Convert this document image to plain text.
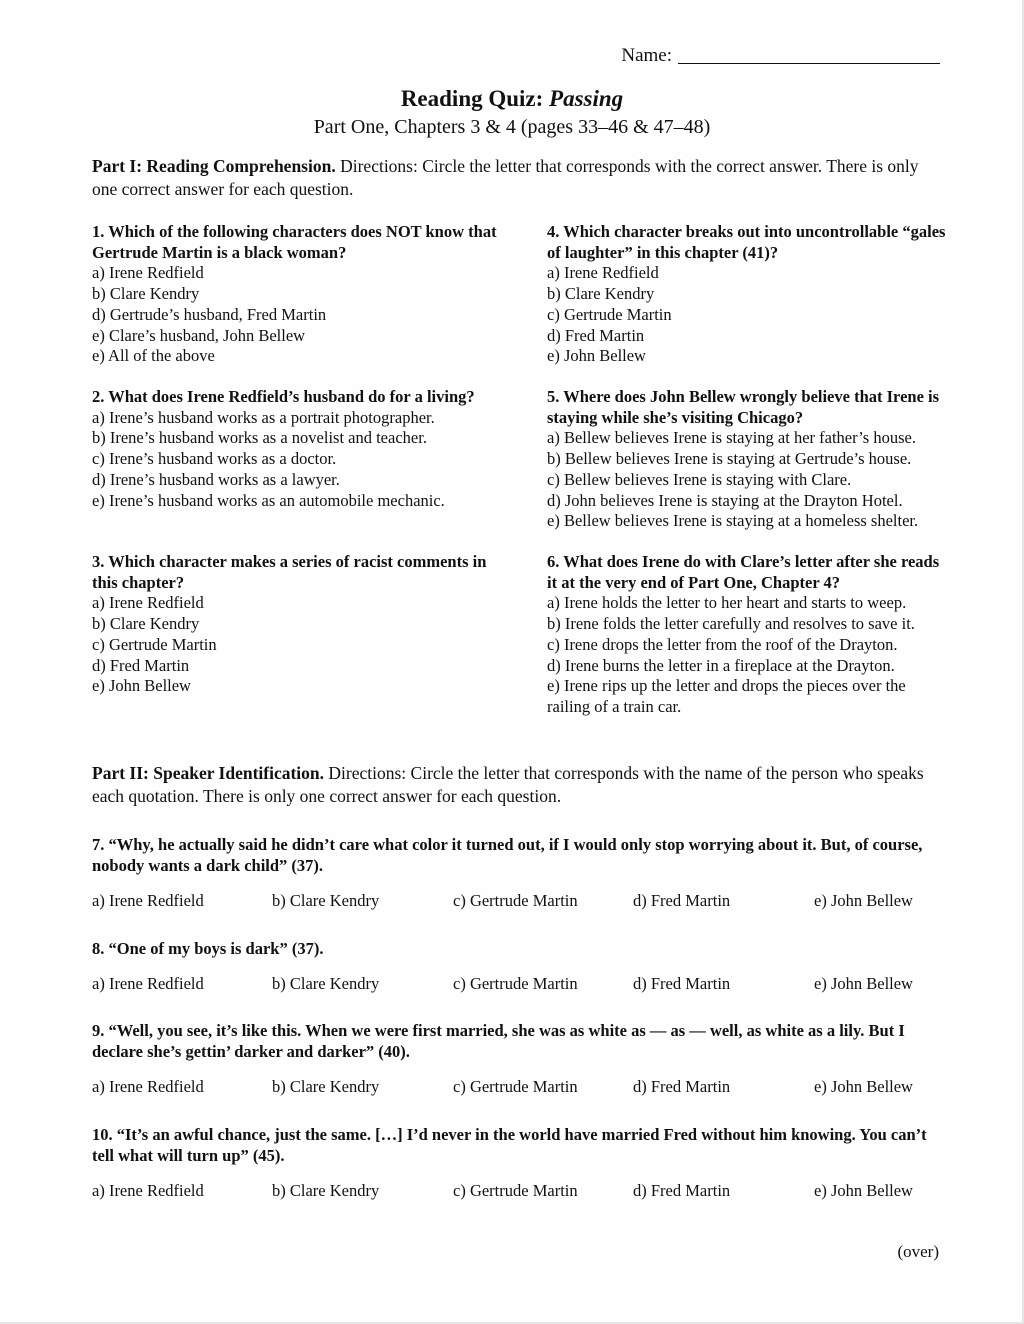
Name:
Reading Quiz: Passing
Part One, Chapters 3 & 4 (pages 33–46 & 47–48)
Part I: Reading Comprehension. Directions: Circle the letter that corresponds with the correct answer. There is only one correct answer for each question.
1. Which of the following characters does NOT know that Gertrude Martin is a black woman?
a) Irene Redfield
b) Clare Kendry
d) Gertrude’s husband, Fred Martin
e) Clare’s husband, John Bellew
e) All of the above
2. What does Irene Redfield’s husband do for a living?
a) Irene’s husband works as a portrait photographer.
b) Irene’s husband works as a novelist and teacher.
c) Irene’s husband works as a doctor.
d) Irene’s husband works as a lawyer.
e) Irene’s husband works as an automobile mechanic.
3. Which character makes a series of racist comments in this chapter?
a) Irene Redfield
b) Clare Kendry
c) Gertrude Martin
d) Fred Martin
e) John Bellew
4. Which character breaks out into uncontrollable “gales of laughter” in this chapter (41)?
a) Irene Redfield
b) Clare Kendry
c) Gertrude Martin
d) Fred Martin
e) John Bellew
5. Where does John Bellew wrongly believe that Irene is staying while she’s visiting Chicago?
a) Bellew believes Irene is staying at her father’s house.
b) Bellew believes Irene is staying at Gertrude’s house.
c) Bellew believes Irene is staying with Clare.
d) John believes Irene is staying at the Drayton Hotel.
e) Bellew believes Irene is staying at a homeless shelter.
6. What does Irene do with Clare’s letter after she reads it at the very end of Part One, Chapter 4?
a) Irene holds the letter to her heart and starts to weep.
b) Irene folds the letter carefully and resolves to save it.
c) Irene drops the letter from the roof of the Drayton.
d) Irene burns the letter in a fireplace at the Drayton.
e) Irene rips up the letter and drops the pieces over the railing of a train car.
Part II: Speaker Identification. Directions: Circle the letter that corresponds with the name of the person who speaks each quotation. There is only one correct answer for each question.
7. “Why, he actually said he didn’t care what color it turned out, if I would only stop worrying about it. But, of course, nobody wants a dark child” (37).
a) Irene Redfield	b) Clare Kendry	c) Gertrude Martin	d) Fred Martin	e) John Bellew
8. “One of my boys is dark” (37).
a) Irene Redfield	b) Clare Kendry	c) Gertrude Martin	d) Fred Martin	e) John Bellew
9. “Well, you see, it’s like this. When we were first married, she was as white as — as — well, as white as a lily. But I declare she’s gettin’ darker and darker” (40).
a) Irene Redfield	b) Clare Kendry	c) Gertrude Martin	d) Fred Martin	e) John Bellew
10. “It’s an awful chance, just the same. […] I’d never in the world have married Fred without him knowing. You can’t tell what will turn up” (45).
a) Irene Redfield	b) Clare Kendry	c) Gertrude Martin	d) Fred Martin	e) John Bellew
(over)
